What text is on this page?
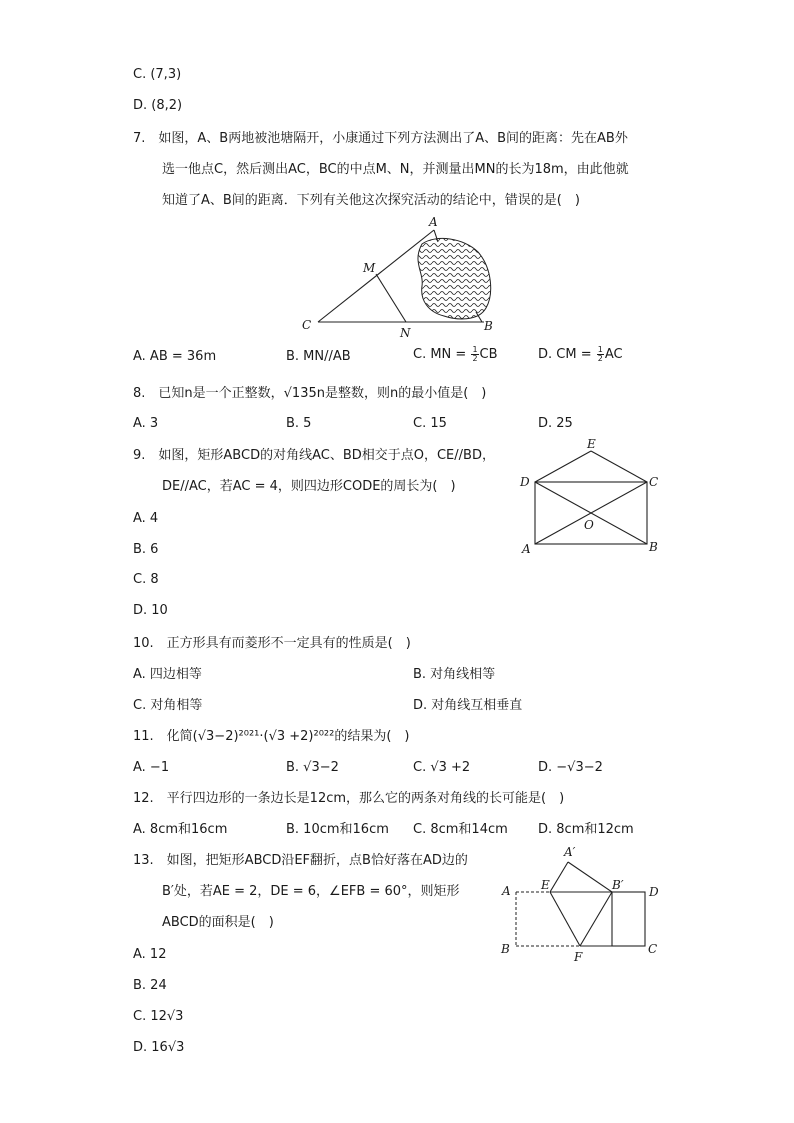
C. (7,3)
D. (8,2)
7.　如图，A、B两地被池塘隔开，小康通过下列方法测出了A、B间的距离：先在AB外
选一他点C，然后测出AC，BC的中点M、N，并测量出MN的长为18m，由此他就
知道了A、B间的距离．下列有关他这次探究活动的结论中，错误的是(　)
A
M
C
N	B
A. AB = 36m	B. MN//AB	C. MN = $\frac{1}{2}$ CB	D. CM = $\frac{1}{2}$ AC
8.　已知n是一个正整数，√135n是整数，则n的最小值是(　)
A. 3	B. 5	C. 15	D. 25
9.　如图，矩形ABCD的对角线AC、BD相交于点O，CE//BD，
DE//AC，若AC = 4，则四边形CODE的周长为(　)
E
D	C
O
A	B
A. 4
B. 6
C. 8
D. 10
10.　正方形具有而菱形不一定具有的性质是(　)
A. 四边相等	B. 对角线相等
C. 对角相等	D. 对角线互相垂直
11.　化简(√3−2)²⁰²¹·(√3 +2)²⁰²²的结果为(　)
A. −1	B. √3−2	C. √3 +2	D. −√3−2
12.　平行四边形的一条边长是12cm，那么它的两条对角线的长可能是(　)
A. 8cm和16cm	B. 10cm和16cm C. 8cm和14cm D. 8cm和12cm
13.　如图，把矩形ABCD沿EF翻折，点B恰好落在AD边的
B′处，若AE = 2，DE = 6，∠EFB = 60°，则矩形
ABCD的面积是(　)
A′
A	E	B′ D
B
F
C
A. 12
B. 24
C. 12√3
D. 16√3
